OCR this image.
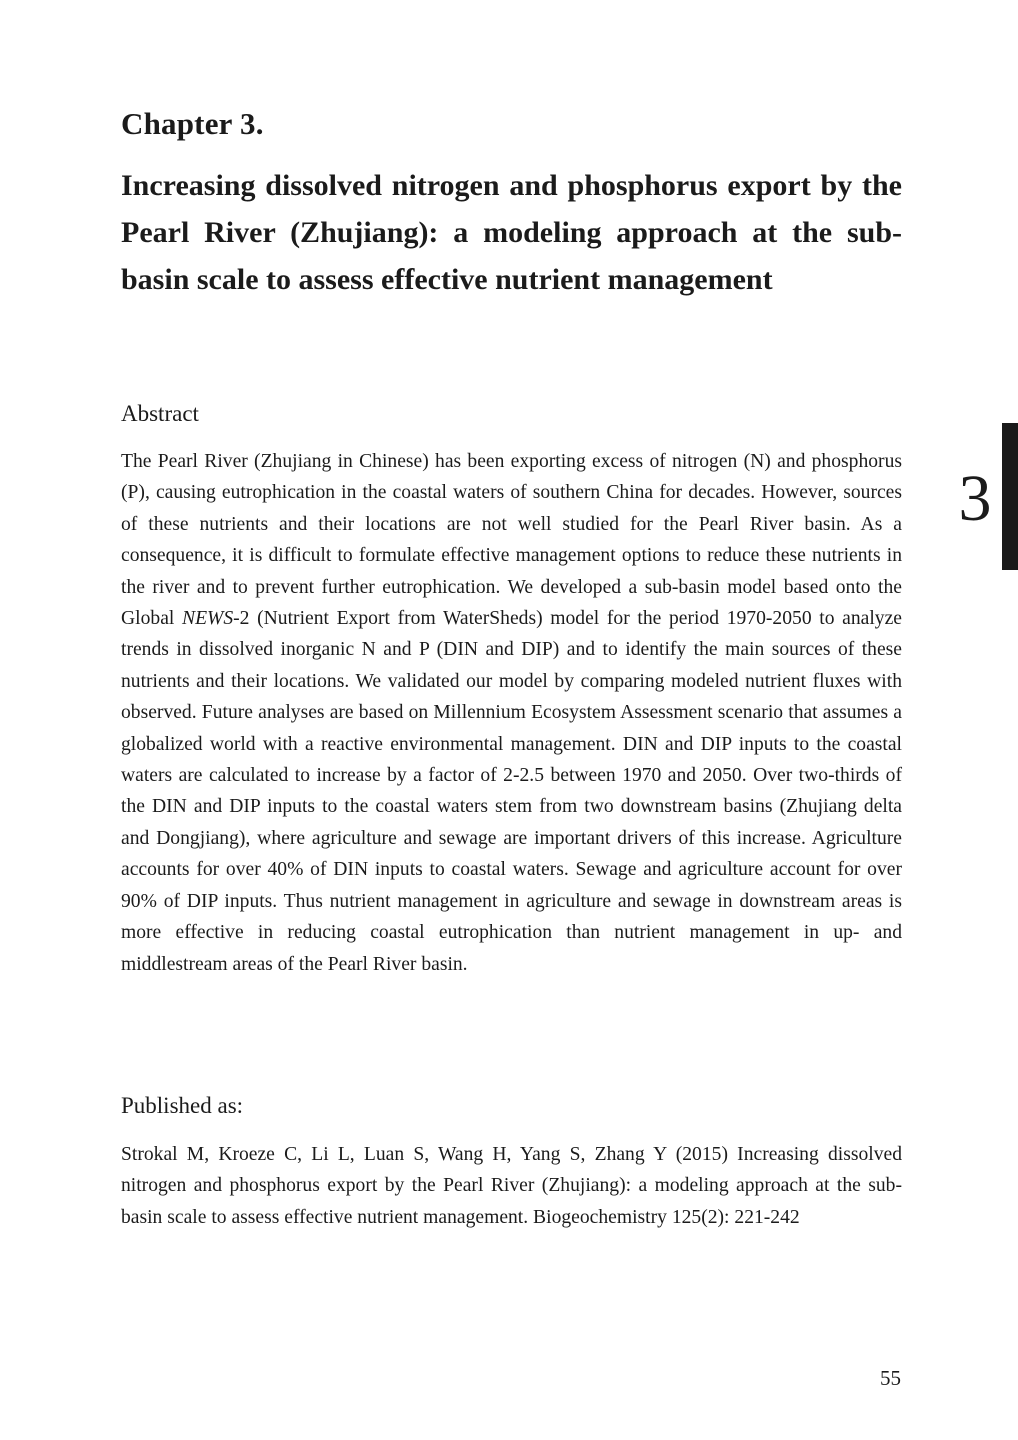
Chapter 3.
Increasing dissolved nitrogen and phosphorus export by the Pearl River (Zhujiang): a modeling approach at the sub-basin scale to assess effective nutrient management
Abstract

The Pearl River (Zhujiang in Chinese) has been exporting excess of nitrogen (N) and phosphorus (P), causing eutrophication in the coastal waters of southern China for decades. However, sources of these nutrients and their locations are not well studied for the Pearl River basin. As a consequence, it is difficult to formulate effective management options to reduce these nutrients in the river and to prevent further eutrophication. We developed a sub-basin model based onto the Global NEWS-2 (Nutrient Export from WaterSheds) model for the period 1970-2050 to analyze trends in dissolved inorganic N and P (DIN and DIP) and to identify the main sources of these nutrients and their locations. We validated our model by comparing modeled nutrient fluxes with observed. Future analyses are based on Millennium Ecosystem Assessment scenario that assumes a globalized world with a reactive environmental management. DIN and DIP inputs to the coastal waters are calculated to increase by a factor of 2-2.5 between 1970 and 2050. Over two-thirds of the DIN and DIP inputs to the coastal waters stem from two downstream basins (Zhujiang delta and Dongjiang), where agriculture and sewage are important drivers of this increase. Agriculture accounts for over 40% of DIN inputs to coastal waters. Sewage and agriculture account for over 90% of DIP inputs. Thus nutrient management in agriculture and sewage in downstream areas is more effective in reducing coastal eutrophication than nutrient management in up- and middlestream areas of the Pearl River basin.

Published as:

Strokal M, Kroeze C, Li L, Luan S, Wang H, Yang S, Zhang Y (2015) Increasing dissolved nitrogen and phosphorus export by the Pearl River (Zhujiang): a modeling approach at the sub-basin scale to assess effective nutrient management. Biogeochemistry 125(2): 221-242

3
55
